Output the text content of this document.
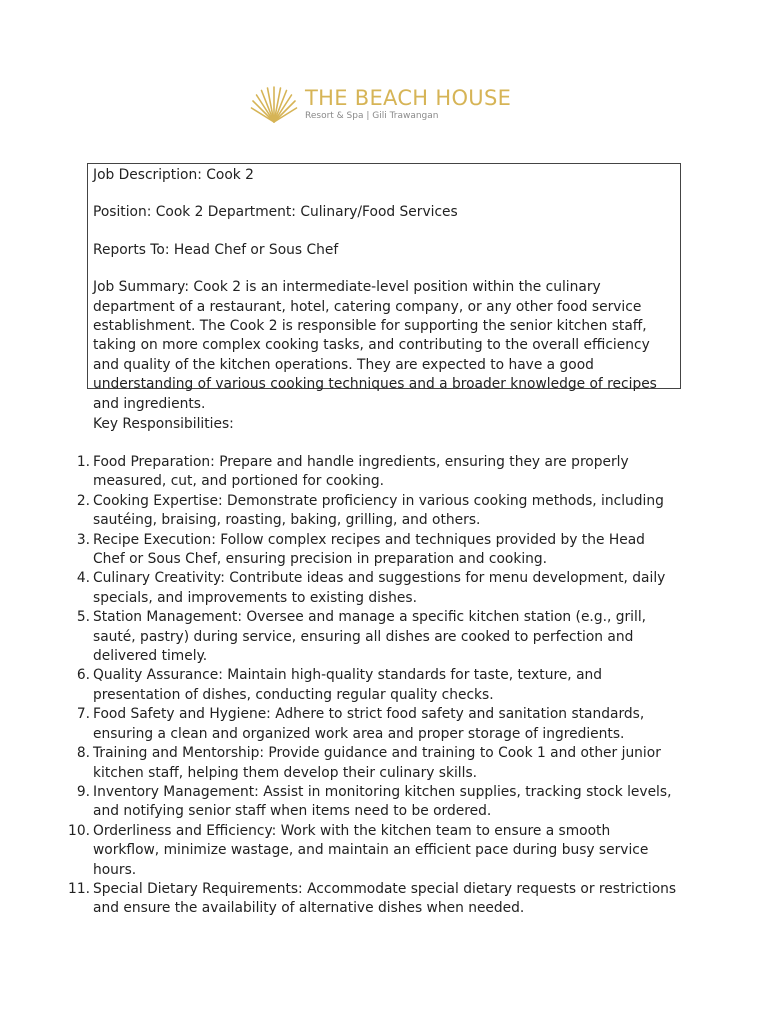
THE BEACH HOUSE
Resort & Spa | Gili Trawangan

Job Description: Cook 2

Position: Cook 2 Department: Culinary/Food Services

Reports To: Head Chef or Sous Chef

Job Summary: Cook 2 is an intermediate-level position within the culinary department of a restaurant, hotel, catering company, or any other food service establishment. The Cook 2 is responsible for supporting the senior kitchen staff, taking on more complex cooking tasks, and contributing to the overall efficiency and quality of the kitchen operations. They are expected to have a good understanding of various cooking techniques and a broader knowledge of recipes and ingredients.

Key Responsibilities:

1. Food Preparation: Prepare and handle ingredients, ensuring they are properly measured, cut, and portioned for cooking.
2. Cooking Expertise: Demonstrate proficiency in various cooking methods, including sautéing, braising, roasting, baking, grilling, and others.
3. Recipe Execution: Follow complex recipes and techniques provided by the Head Chef or Sous Chef, ensuring precision in preparation and cooking.
4. Culinary Creativity: Contribute ideas and suggestions for menu development, daily specials, and improvements to existing dishes.
5. Station Management: Oversee and manage a specific kitchen station (e.g., grill, sauté, pastry) during service, ensuring all dishes are cooked to perfection and delivered timely.
6. Quality Assurance: Maintain high-quality standards for taste, texture, and presentation of dishes, conducting regular quality checks.
7. Food Safety and Hygiene: Adhere to strict food safety and sanitation standards, ensuring a clean and organized work area and proper storage of ingredients.
8. Training and Mentorship: Provide guidance and training to Cook 1 and other junior kitchen staff, helping them develop their culinary skills.
9. Inventory Management: Assist in monitoring kitchen supplies, tracking stock levels, and notifying senior staff when items need to be ordered.
10. Orderliness and Efficiency: Work with the kitchen team to ensure a smooth workflow, minimize wastage, and maintain an efficient pace during busy service hours.
11. Special Dietary Requirements: Accommodate special dietary requests or restrictions and ensure the availability of alternative dishes when needed.
